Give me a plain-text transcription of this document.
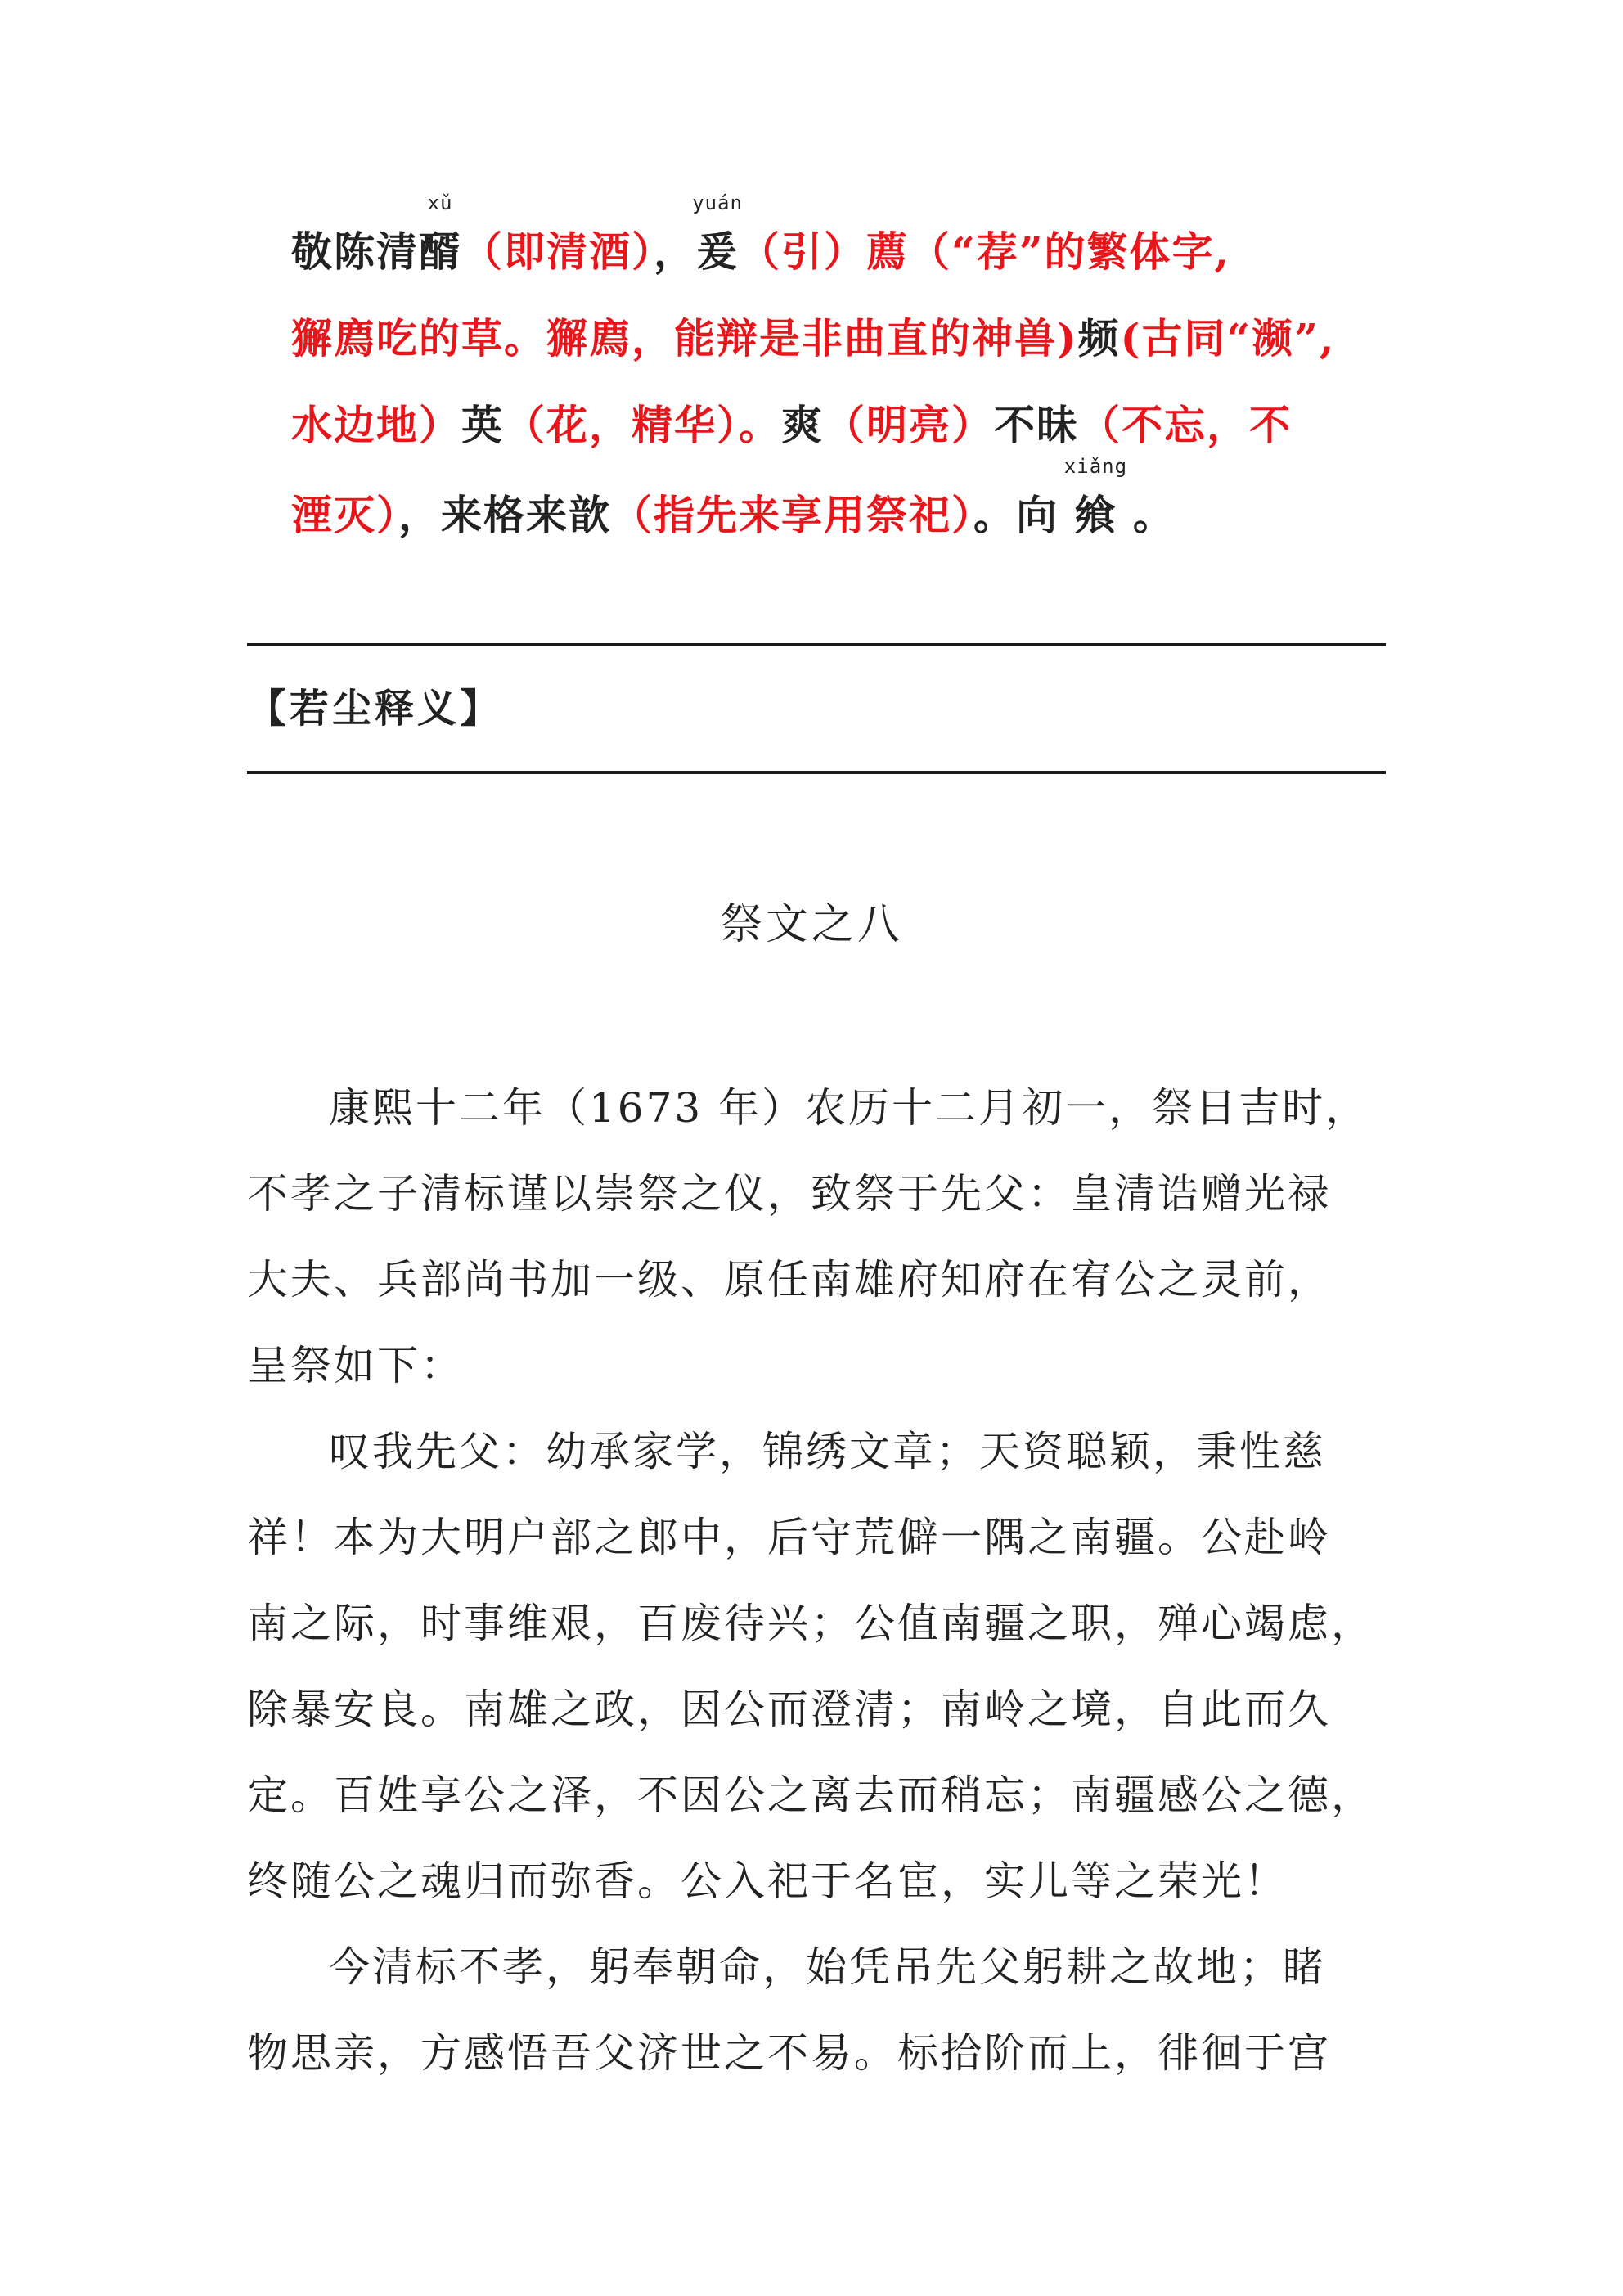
敬陈清
xǔ
醑（即清酒），
yuán
爰（引）薦（“荐”的繁体字,
獬廌吃的草。獬廌，能辩是非曲直的神兽)频(古同“濒”,
水边地）英（花，精华）。爽（明亮）不昧（不忘，不
湮灭），来格来歆（指先来享用祭祀）。向
xiǎng
飨 。
【若尘释义】
祭文之八

康熙十二年（1673 年）农历十二月初一，祭日吉时，
不孝之子清标谨以崇祭之仪，致祭于先父：皇清诰赠光禄
大夫、兵部尚书加一级、原任南雄府知府在宥公之灵前，
呈祭如下：

叹我先父：幼承家学，锦绣文章；天资聪颖，秉性慈
祥！本为大明户部之郎中，后守荒僻一隅之南疆。公赴岭
南之际，时事维艰，百废待兴；公值南疆之职，殚心竭虑，
除暴安良。南雄之政，因公而澄清；南岭之境，自此而久
定。百姓享公之泽，不因公之离去而稍忘；南疆感公之德，
终随公之魂归而弥香。公入祀于名宦，实儿等之荣光！

今清标不孝，躬奉朝命，始凭吊先父躬耕之故地；睹
物思亲，方感悟吾父济世之不易。标拾阶而上，徘徊于宫
